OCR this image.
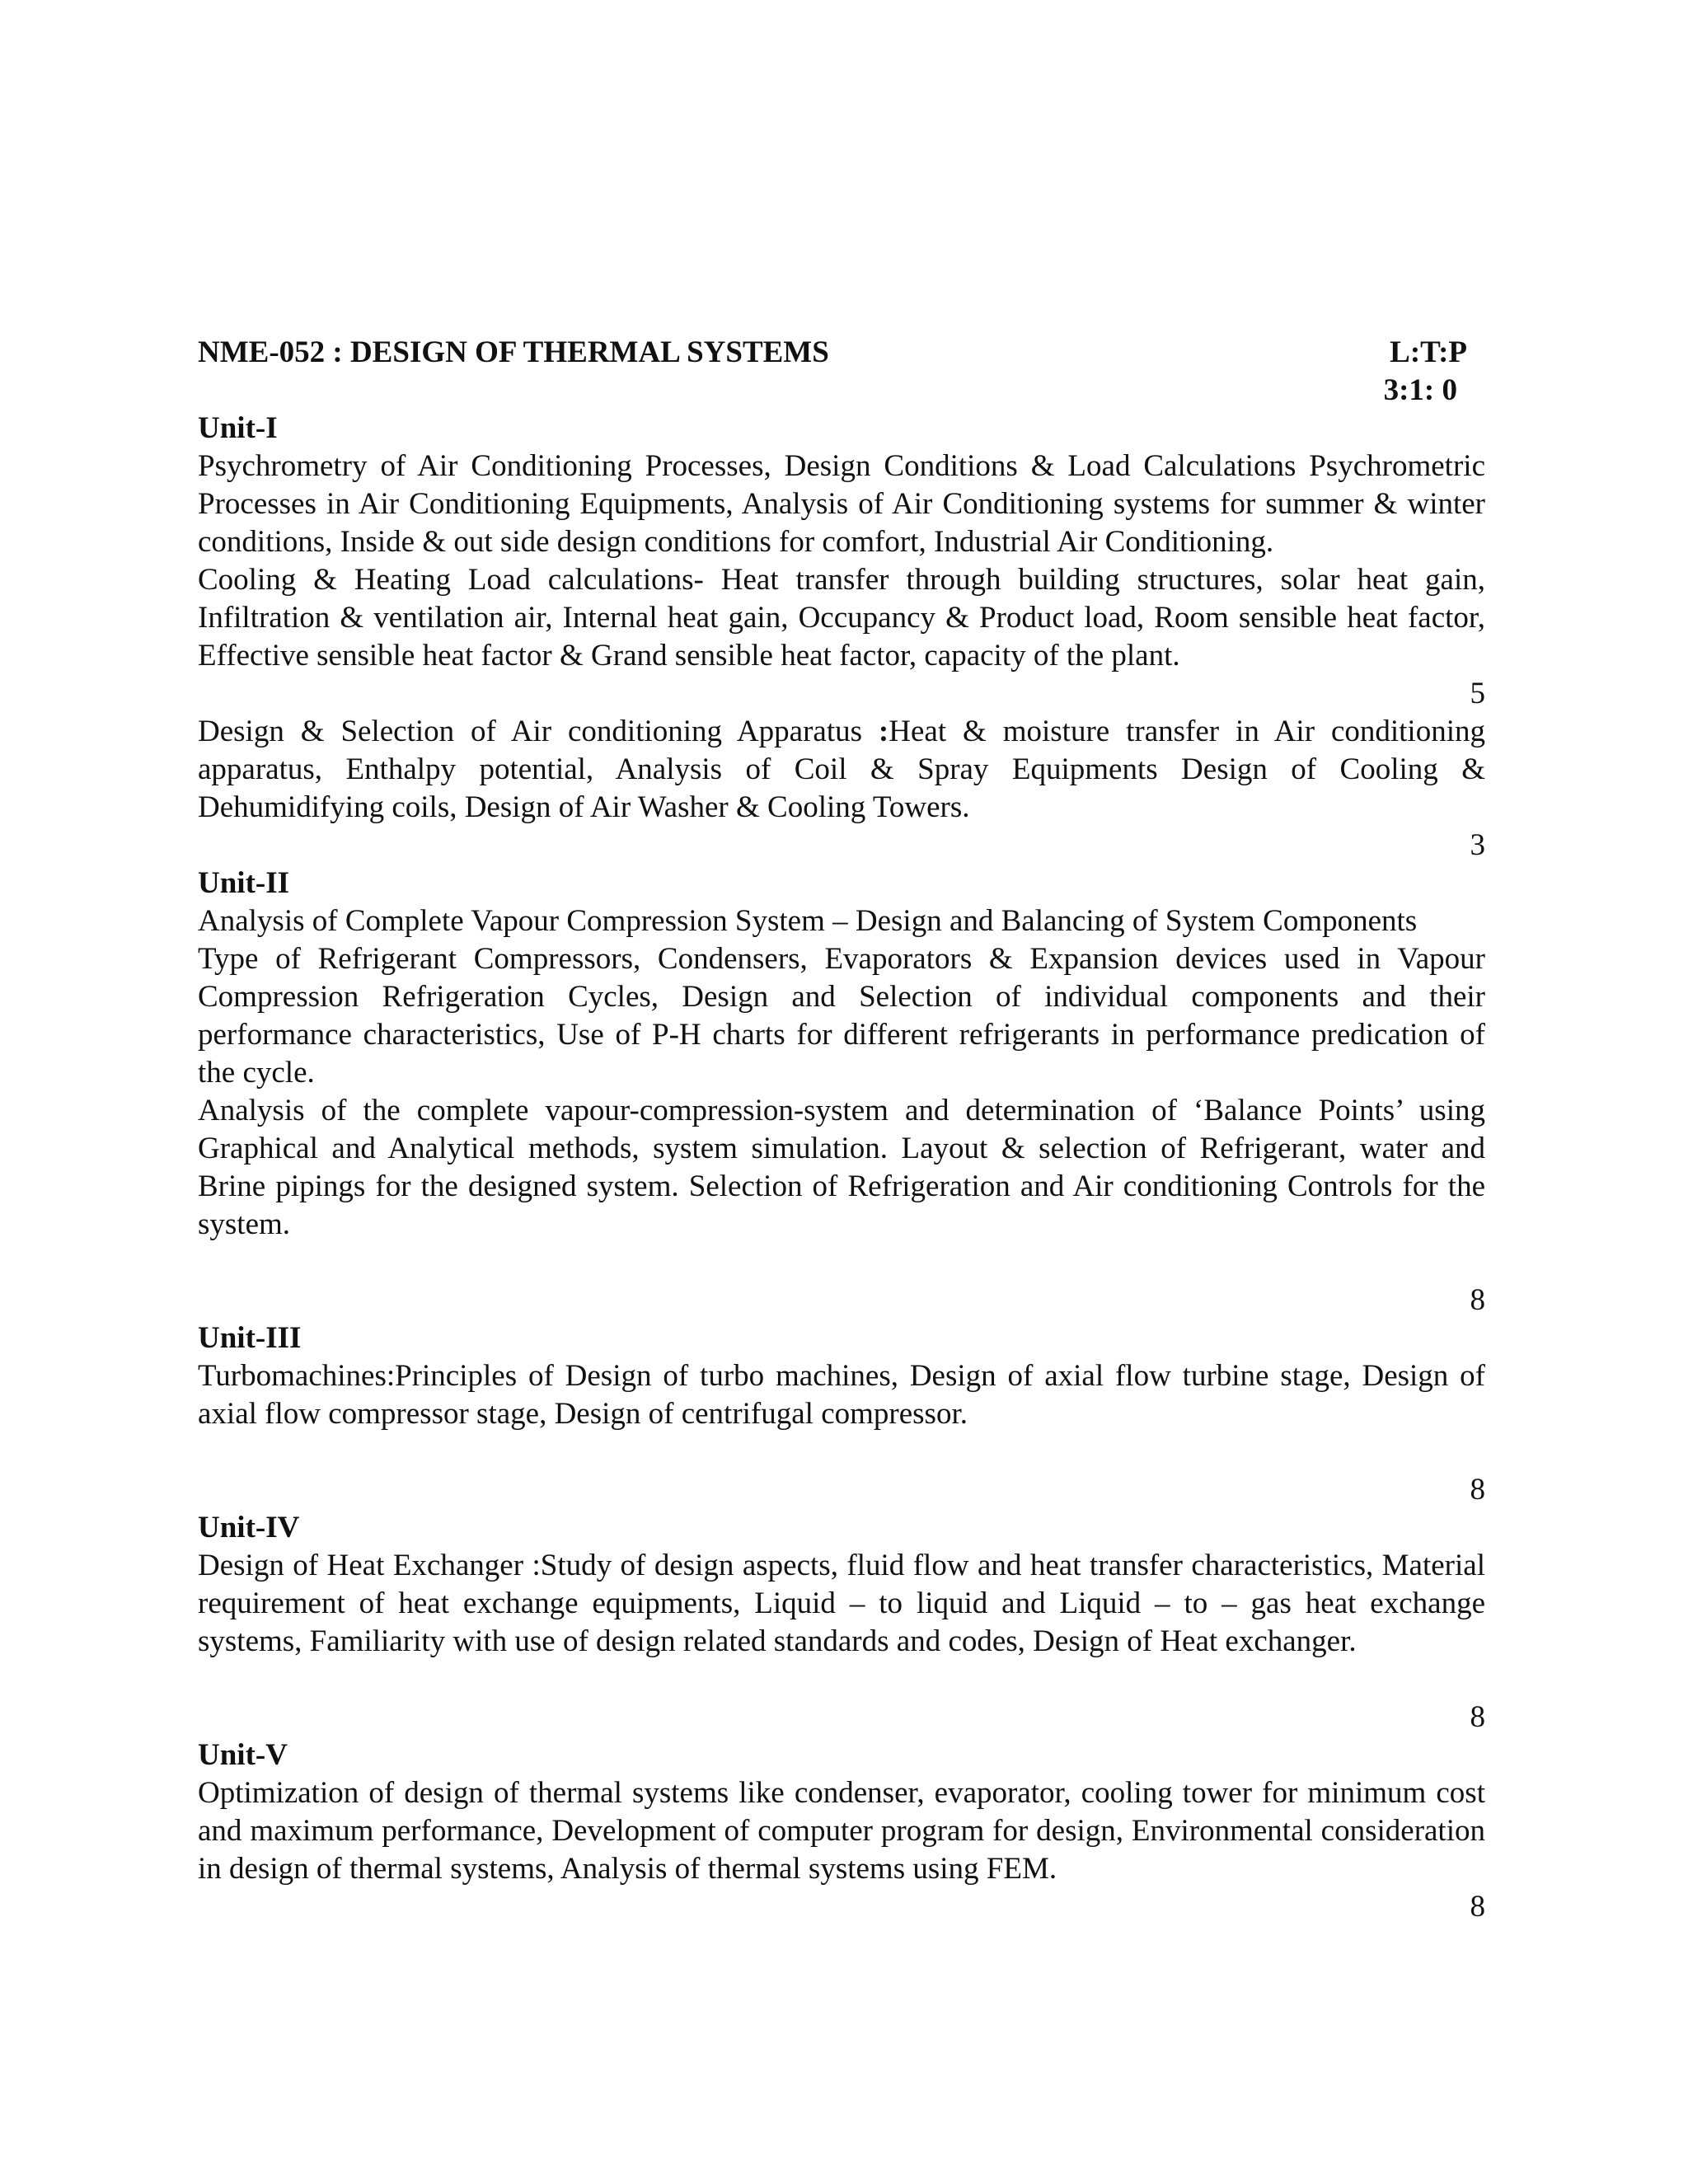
NME-052 : DESIGN OF THERMAL SYSTEMS	L:T:P
3:1: 0
Unit-I

Psychrometry of Air Conditioning Processes, Design Conditions & Load Calculations Psychrometric Processes in Air Conditioning Equipments, Analysis of Air Conditioning systems for summer & winter conditions, Inside & out side design conditions for comfort, Industrial Air Conditioning.

Cooling & Heating Load calculations- Heat transfer through building structures, solar heat gain, Infiltration & ventilation air, Internal heat gain, Occupancy & Product load, Room sensible heat factor, Effective sensible heat factor & Grand sensible heat factor, capacity of the plant.

5

Design & Selection of Air conditioning Apparatus :Heat & moisture transfer in Air conditioning apparatus, Enthalpy potential, Analysis of Coil & Spray Equipments Design of Cooling & Dehumidifying coils, Design of Air Washer & Cooling Towers.

3
Unit-II

Analysis of Complete Vapour Compression System – Design and Balancing of System Components

Type of Refrigerant Compressors, Condensers, Evaporators & Expansion devices used in Vapour Compression Refrigeration Cycles, Design and Selection of individual components and their performance characteristics, Use of P-H charts for different refrigerants in performance predication of the cycle.

Analysis of the complete vapour-compression-system and determination of ‘Balance Points’ using Graphical and Analytical methods, system simulation. Layout & selection of Refrigerant, water and Brine pipings for the designed system. Selection of Refrigeration and Air conditioning Controls for the system.

8
Unit-III

Turbomachines:Principles of Design of turbo machines, Design of axial flow turbine stage, Design of axial flow compressor stage, Design of centrifugal compressor.

8
Unit-IV

Design of Heat Exchanger :Study of design aspects, fluid flow and heat transfer characteristics, Material requirement of heat exchange equipments, Liquid – to liquid and Liquid – to – gas heat exchange systems, Familiarity with use of design related standards and codes, Design of Heat exchanger.

8
Unit-V

Optimization of design of thermal systems like condenser, evaporator, cooling tower for minimum cost and maximum performance, Development of computer program for design, Environmental consideration in design of thermal systems, Analysis of thermal systems using FEM.

8
